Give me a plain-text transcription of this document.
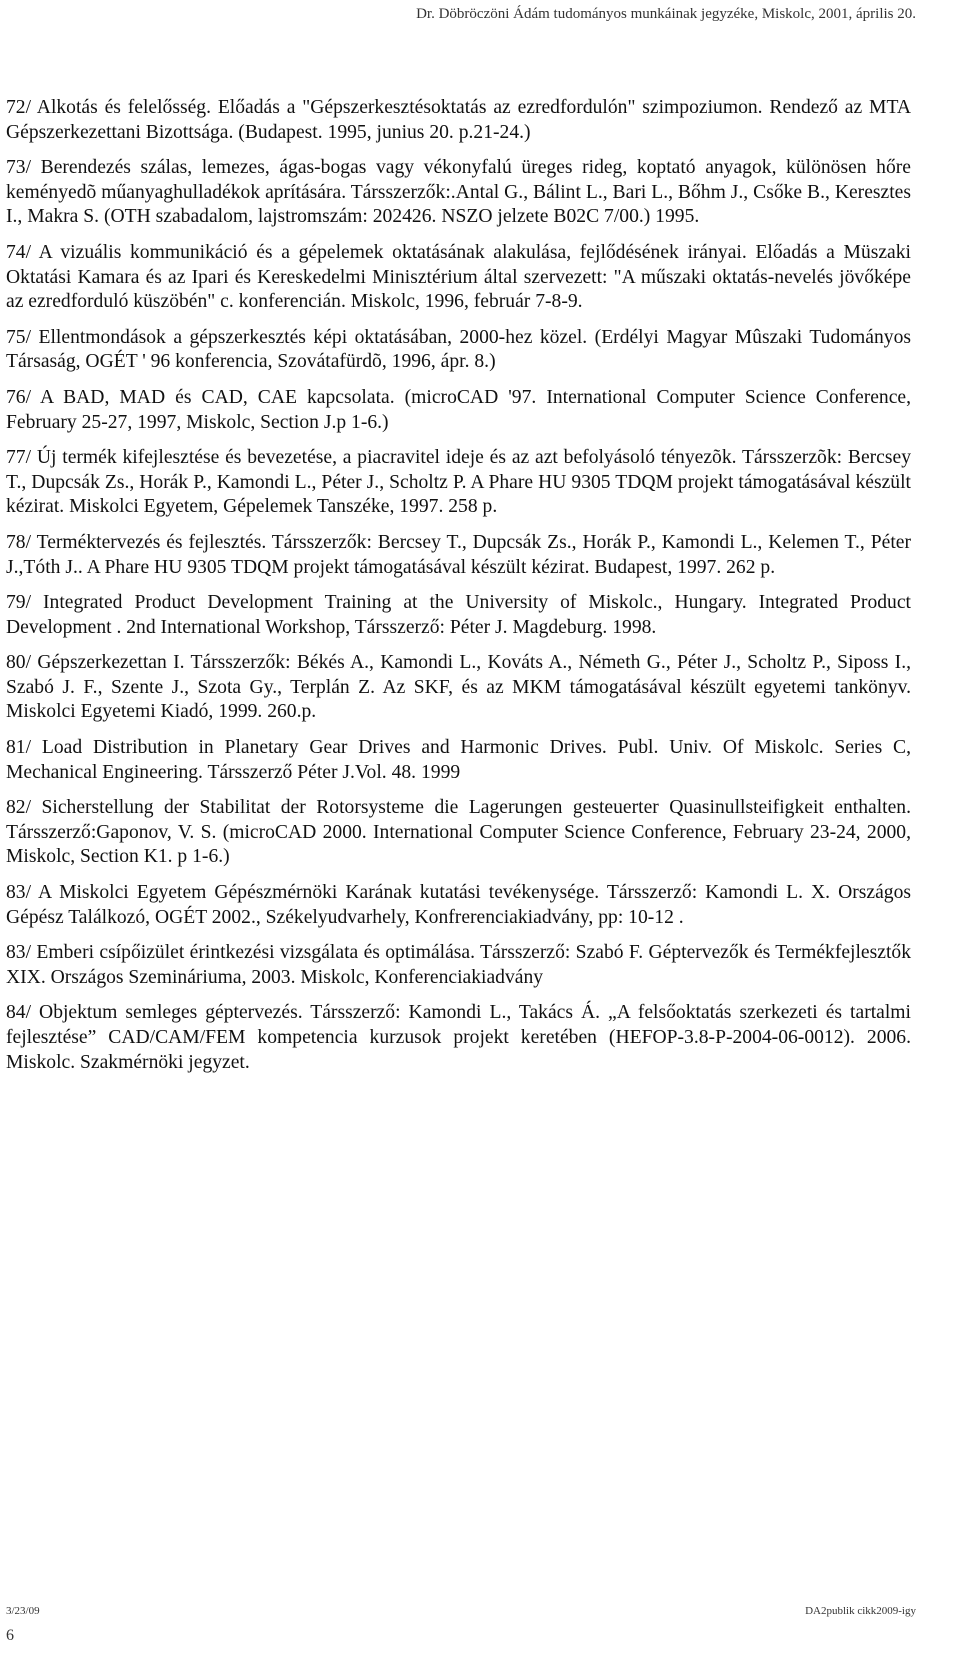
Dr. Döbröczöni Ádám tudományos munkáinak jegyzéke, Miskolc, 2001, április 20.
72/ Alkotás és felelősség. Előadás a "Gépszerkesztésoktatás az ezredfordulón" szimpoziumon. Rendező az MTA Gépszerkezettani Bizottsága. (Budapest. 1995, junius 20. p.21-24.)
73/ Berendezés szálas, lemezes, ágas-bogas vagy vékonyfalú üreges rideg, koptató anyagok, különösen hőre keményedõ műanyaghulladékok aprítására. Társszerzők:.Antal G., Bálint L., Bari L., Bőhm J., Csőke B., Keresztes I., Makra S. (OTH szabadalom, lajstromszám: 202426. NSZO jelzete B02C 7/00.) 1995.
74/ A vizuális kommunikáció és a gépelemek oktatásának alakulása, fejlődésének irányai. Előadás a Müszaki Oktatási Kamara és az Ipari és Kereskedelmi Minisztérium által szervezett: "A műszaki oktatás-nevelés jövőképe az ezredforduló küszöbén" c. konferencián. Miskolc, 1996, február 7-8-9.
75/ Ellentmondások a gépszerkesztés képi oktatásában, 2000-hez közel. (Erdélyi Magyar Mûszaki Tudományos Társaság, OGÉT ' 96 konferencia, Szovátafürdõ, 1996, ápr. 8.)
76/ A BAD, MAD és CAD, CAE kapcsolata. (microCAD '97. International Computer Science Conference, February 25-27, 1997, Miskolc, Section J.p 1-6.)
77/ Új termék kifejlesztése és bevezetése, a piacravitel ideje és az azt befolyásoló tényezõk. Társszerzõk: Bercsey T., Dupcsák Zs., Horák P., Kamondi L., Péter J., Scholtz P. A Phare HU 9305 TDQM projekt támogatásával készült kézirat. Miskolci Egyetem, Gépelemek Tanszéke, 1997. 258 p.
78/ Terméktervezés és fejlesztés. Társszerzők: Bercsey T., Dupcsák Zs., Horák P., Kamondi L., Kelemen T., Péter J.,Tóth J.. A Phare HU 9305 TDQM projekt támogatásával készült kézirat. Budapest, 1997. 262 p.
79/ Integrated Product Development Training at the University of Miskolc., Hungary. Integrated Product Development . 2nd International Workshop, Társszerző: Péter J. Magdeburg. 1998.
80/ Gépszerkezettan I. Társszerzők: Békés A., Kamondi L., Kováts A., Németh G., Péter J., Scholtz P., Siposs I., Szabó J. F., Szente J., Szota Gy., Terplán Z. Az SKF, és az MKM támogatásával készült egyetemi tankönyv. Miskolci Egyetemi Kiadó, 1999. 260.p.
81/ Load Distribution in Planetary Gear Drives and Harmonic Drives. Publ. Univ. Of Miskolc. Series C, Mechanical Engineering. Társszerző Péter J.Vol. 48. 1999
82/ Sicherstellung der Stabilitat der Rotorsysteme die Lagerungen gesteuerter Quasinullsteifigkeit enthalten. Társszerző:Gaponov, V. S. (microCAD 2000. International Computer Science Conference, February 23-24, 2000, Miskolc, Section K1. p 1-6.)
83/ A Miskolci Egyetem Gépészmérnöki Karának kutatási tevékenysége. Társszerző: Kamondi L. X. Országos Gépész Találkozó, OGÉT 2002., Székelyudvarhely, Konfrerenciakiadvány, pp: 10-12 .
83/ Emberi csípőizület érintkezési vizsgálata és optimálása. Társszerző: Szabó F. Géptervezők és Termékfejlesztők XIX. Országos Szemináriuma, 2003. Miskolc, Konferenciakiadvány
84/ Objektum semleges géptervezés. Társszerző: Kamondi L., Takács Á. „A felsőoktatás szerkezeti és tartalmi fejlesztése” CAD/CAM/FEM kompetencia kurzusok projekt keretében (HEFOP-3.8-P-2004-06-0012). 2006. Miskolc. Szakmérnöki jegyzet.
3/23/09	DA2publik cikk2009-igy
6
